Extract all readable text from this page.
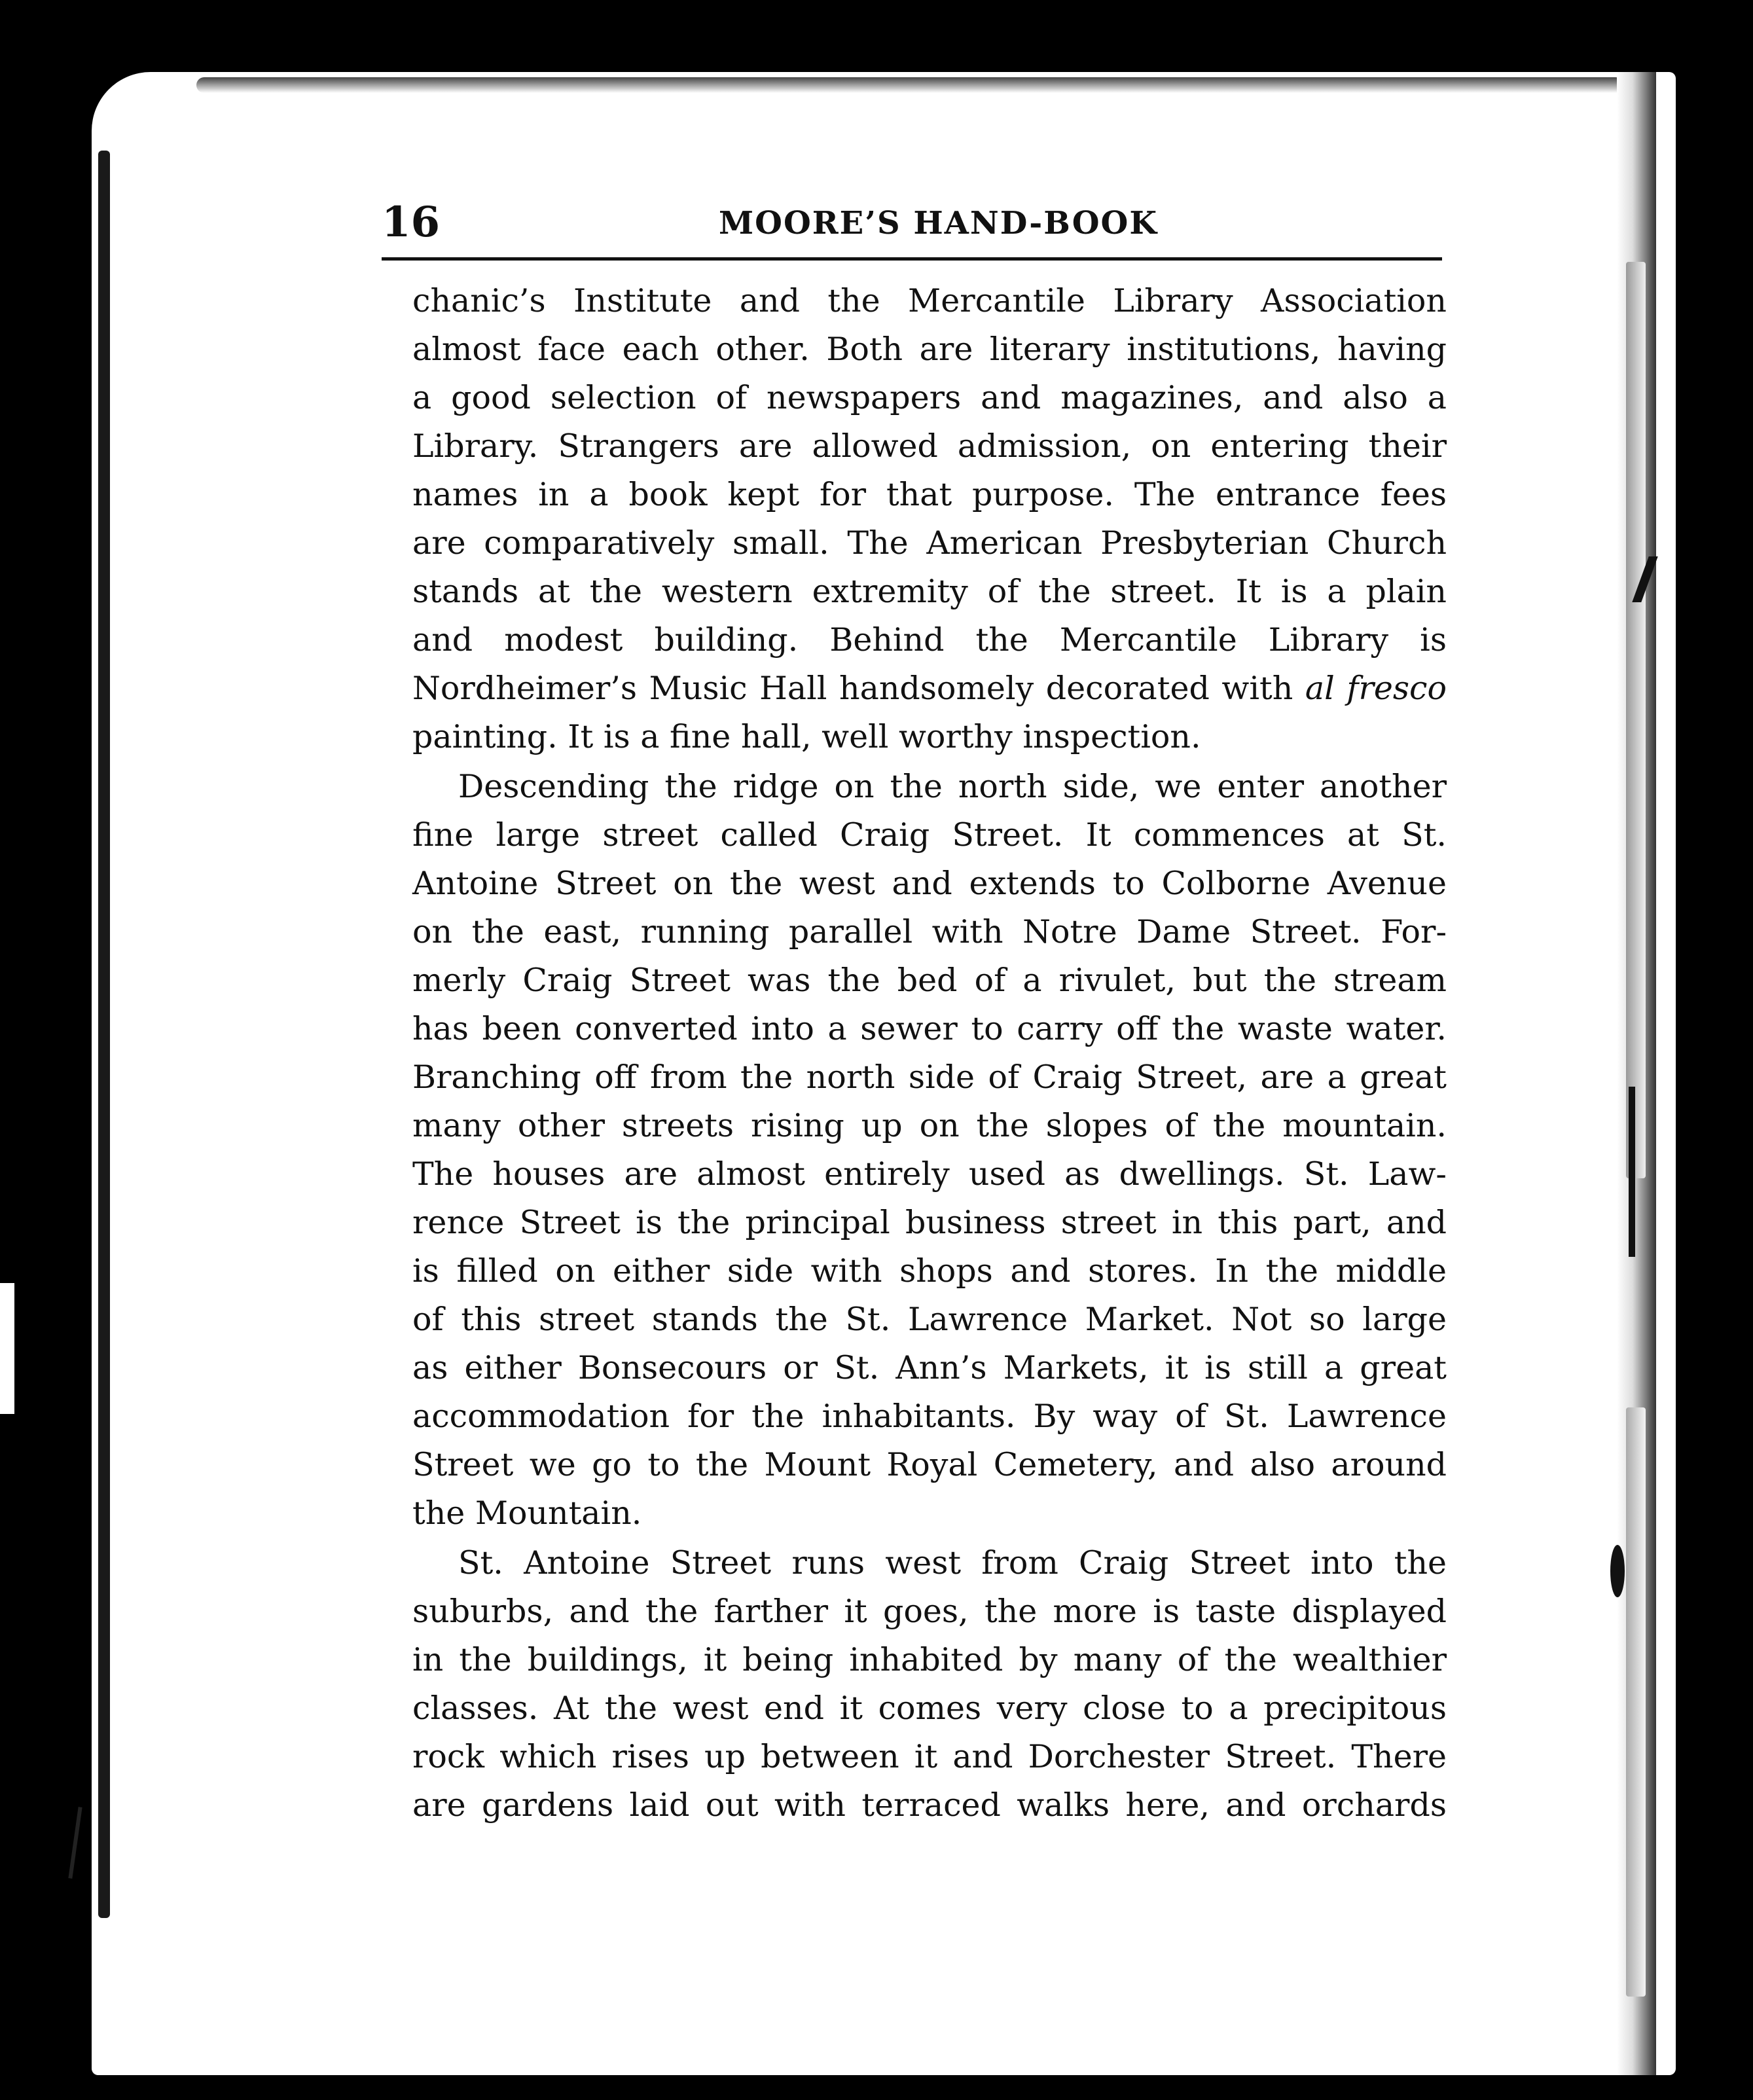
16	MOORE’S HAND-BOOK
chanic’s Institute and the Mercantile Library Association
almost face each other. Both are literary institutions, having
a good selection of newspapers and magazines, and also a
Library. Strangers are allowed admission, on entering their
names in a book kept for that purpose. The entrance fees
are comparatively small. The American Presbyterian Church
stands at the western extremity of the street. It is a plain
and modest building. Behind the Mercantile Library is
Nordheimer’s Music Hall handsomely decorated with al fresco
painting. It is a fine hall, well worthy inspection.
Descending the ridge on the north side, we enter another
fine large street called Craig Street. It commences at St.
Antoine Street on the west and extends to Colborne Avenue
on the east, running parallel with Notre Dame Street. For-
merly Craig Street was the bed of a rivulet, but the stream
has been converted into a sewer to carry off the waste water.
Branching off from the north side of Craig Street, are a great
many other streets rising up on the slopes of the mountain.
The houses are almost entirely used as dwellings. St. Law-
rence Street is the principal business street in this part, and
is filled on either side with shops and stores. In the middle
of this street stands the St. Lawrence Market. Not so large
as either Bonsecours or St. Ann’s Markets, it is still a great
accommodation for the inhabitants. By way of St. Lawrence
Street we go to the Mount Royal Cemetery, and also around
the Mountain.
St. Antoine Street runs west from Craig Street into the
suburbs, and the farther it goes, the more is taste displayed
in the buildings, it being inhabited by many of the wealthier
classes. At the west end it comes very close to a precipitous
rock which rises up between it and Dorchester Street. There
are gardens laid out with terraced walks here, and orchards
